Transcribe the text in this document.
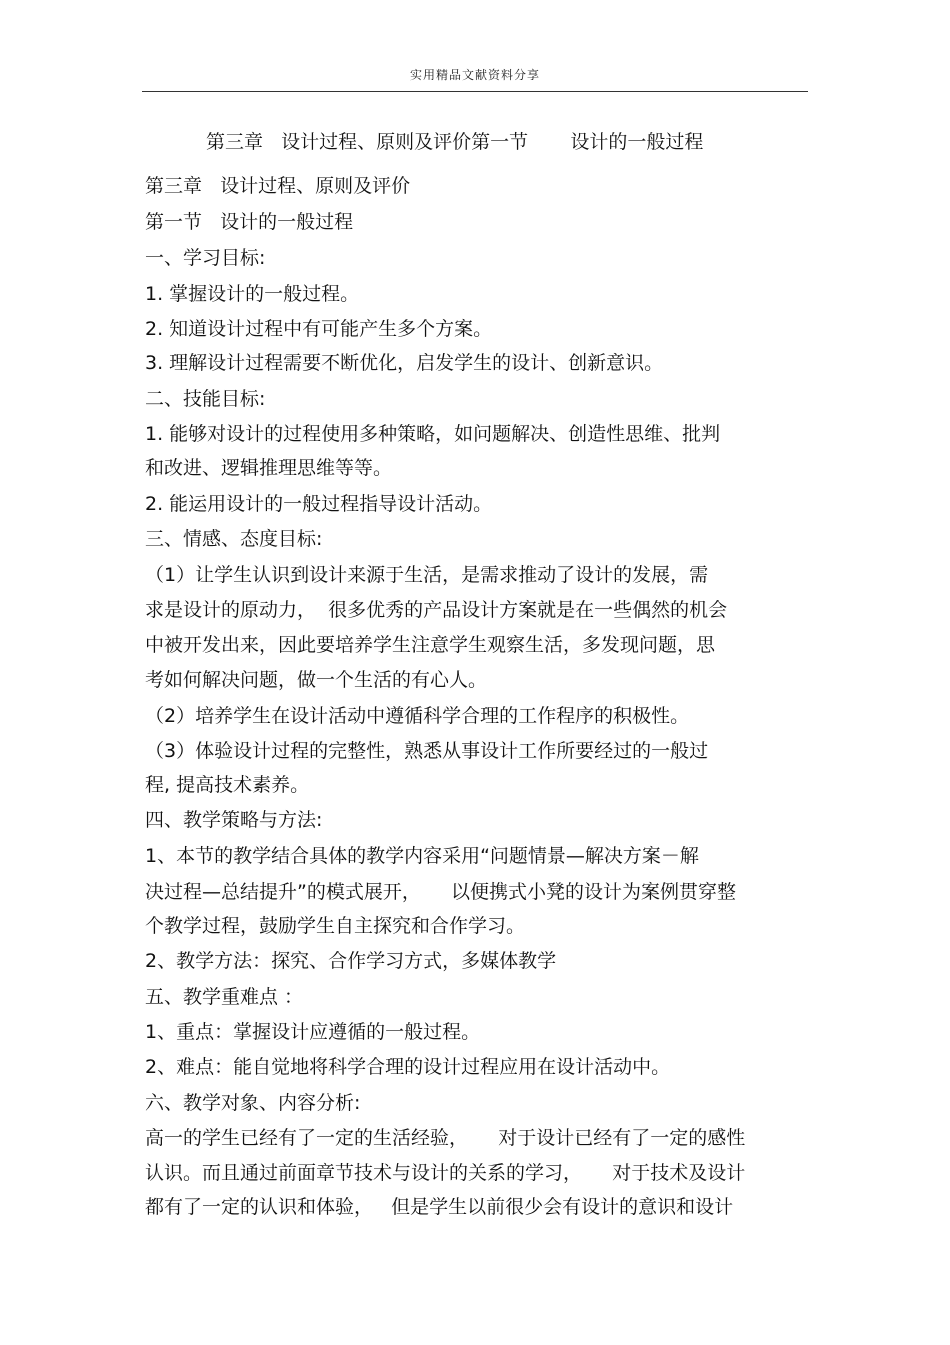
实用精品文献资料分享
第三章   设计过程、原则及评价第一节       设计的一般过程
第三章   设计过程、原则及评价
第一节   设计的一般过程
一、学习目标:
1. 掌握设计的一般过程。
2. 知道设计过程中有可能产生多个方案。
3. 理解设计过程需要不断优化，启发学生的设计、创新意识。
二、技能目标:
1. 能够对设计的过程使用多种策略，如问题解决、创造性思维、批判
和改进、逻辑推理思维等等。
2. 能运用设计的一般过程指导设计活动。
三、情感、态度目标:
（1）让学生认识到设计来源于生活，是需求推动了设计的发展，需
求是设计的原动力，  很多优秀的产品设计方案就是在一些偶然的机会
中被开发出来，因此要培养学生注意学生观察生活，多发现问题，思
考如何解决问题，做一个生活的有心人。
（2）培养学生在设计活动中遵循科学合理的工作程序的积极性。
（3）体验设计过程的完整性，熟悉从事设计工作所要经过的一般过
程, 提高技术素养。
四、教学策略与方法:
1、本节的教学结合具体的教学内容采用“问题情景—解决方案－解
决过程—总结提升”的模式展开，     以便携式小凳的设计为案例贯穿整
个教学过程，鼓励学生自主探究和合作学习。
2、教学方法：探究、合作学习方式，多媒体教学
五、教学重难点 ：
1、重点：掌握设计应遵循的一般过程。
2、难点：能自觉地将科学合理的设计过程应用在设计活动中。
六、教学对象、内容分析:
高一的学生已经有了一定的生活经验，     对于设计已经有了一定的感性
认识。而且通过前面章节技术与设计的关系的学习，     对于技术及设计
都有了一定的认识和体验，   但是学生以前很少会有设计的意识和设计
